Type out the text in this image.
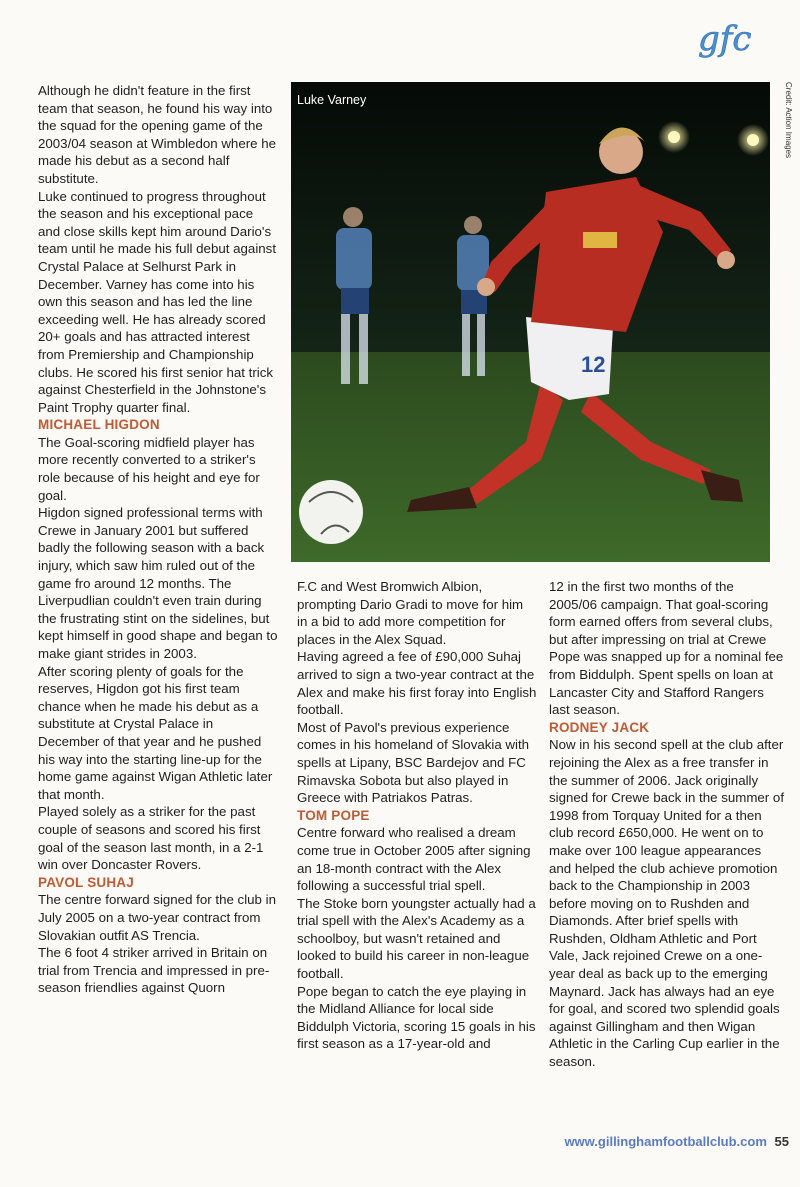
gfc

Although he didn't feature in the first team that season, he found his way into the squad for the opening game of the 2003/04 season at Wimbledon where he made his debut as a second half substitute.

Luke continued to progress throughout the season and his exceptional pace and close skills kept him around Dario's team until he made his full debut against Crystal Palace at Selhurst Park in December. Varney has come into his own this season and has led the line exceeding well. He has already scored 20+ goals and has attracted interest from Premiership and Championship clubs. He scored his first senior hat trick against Chesterfield in the Johnstone's Paint Trophy quarter final.

MICHAEL HIGDON

The Goal-scoring midfield player has more recently converted to a striker's role because of his height and eye for goal.

Higdon signed professional terms with Crewe in January 2001 but suffered badly the following season with a back injury, which saw him ruled out of the game fro around 12 months. The Liverpudlian couldn't even train during the frustrating stint on the sidelines, but kept himself in good shape and began to make giant strides in 2003.

After scoring plenty of goals for the reserves, Higdon got his first team chance when he made his debut as a substitute at Crystal Palace in December of that year and he pushed his way into the starting line-up for the home game against Wigan Athletic later that month.

Played solely as a striker for the past couple of seasons and scored his first goal of the season last month, in a 2-1 win over Doncaster Rovers.

PAVOL SUHAJ

The centre forward signed for the club in July 2005 on a two-year contract from Slovakian outfit AS Trencia.

The 6 foot 4 striker arrived in Britain on trial from Trencia and impressed in pre-season friendlies against Quorn

12
Luke Varney	Credit: Action Images

F.C and West Bromwich Albion, prompting Dario Gradi to move for him in a bid to add more competition for places in the Alex Squad.

Having agreed a fee of £90,000 Suhaj arrived to sign a two-year contract at the Alex and make his first foray into English football.

Most of Pavol's previous experience comes in his homeland of Slovakia with spells at Lipany, BSC Bardejov and FC Rimavska Sobota but also played in Greece with Patriakos Patras.

TOM POPE

Centre forward who realised a dream come true in October 2005 after signing an 18-month contract with the Alex following a successful trial spell.

The Stoke born youngster actually had a trial spell with the Alex's Academy as a schoolboy, but wasn't retained and looked to build his career in non-league football.

Pope began to catch the eye playing in the Midland Alliance for local side Biddulph Victoria, scoring 15 goals in his first season as a 17-year-old and

12 in the first two months of the 2005/06 campaign. That goal-scoring form earned offers from several clubs, but after impressing on trial at Crewe Pope was snapped up for a nominal fee from Biddulph. Spent spells on loan at Lancaster City and Stafford Rangers last season.

RODNEY JACK

Now in his second spell at the club after rejoining the Alex as a free transfer in the summer of 2006. Jack originally signed for Crewe back in the summer of 1998 from Torquay United for a then club record £650,000. He went on to make over 100 league appearances and helped the club achieve promotion back to the Championship in 2003 before moving on to Rushden and Diamonds. After brief spells with Rushden, Oldham Athletic and Port Vale, Jack rejoined Crewe on a one-year deal as back up to the emerging Maynard. Jack has always had an eye for goal, and scored two splendid goals against Gillingham and then Wigan Athletic in the Carling Cup earlier in the season.

www.gillinghamfootballclub.com 55
